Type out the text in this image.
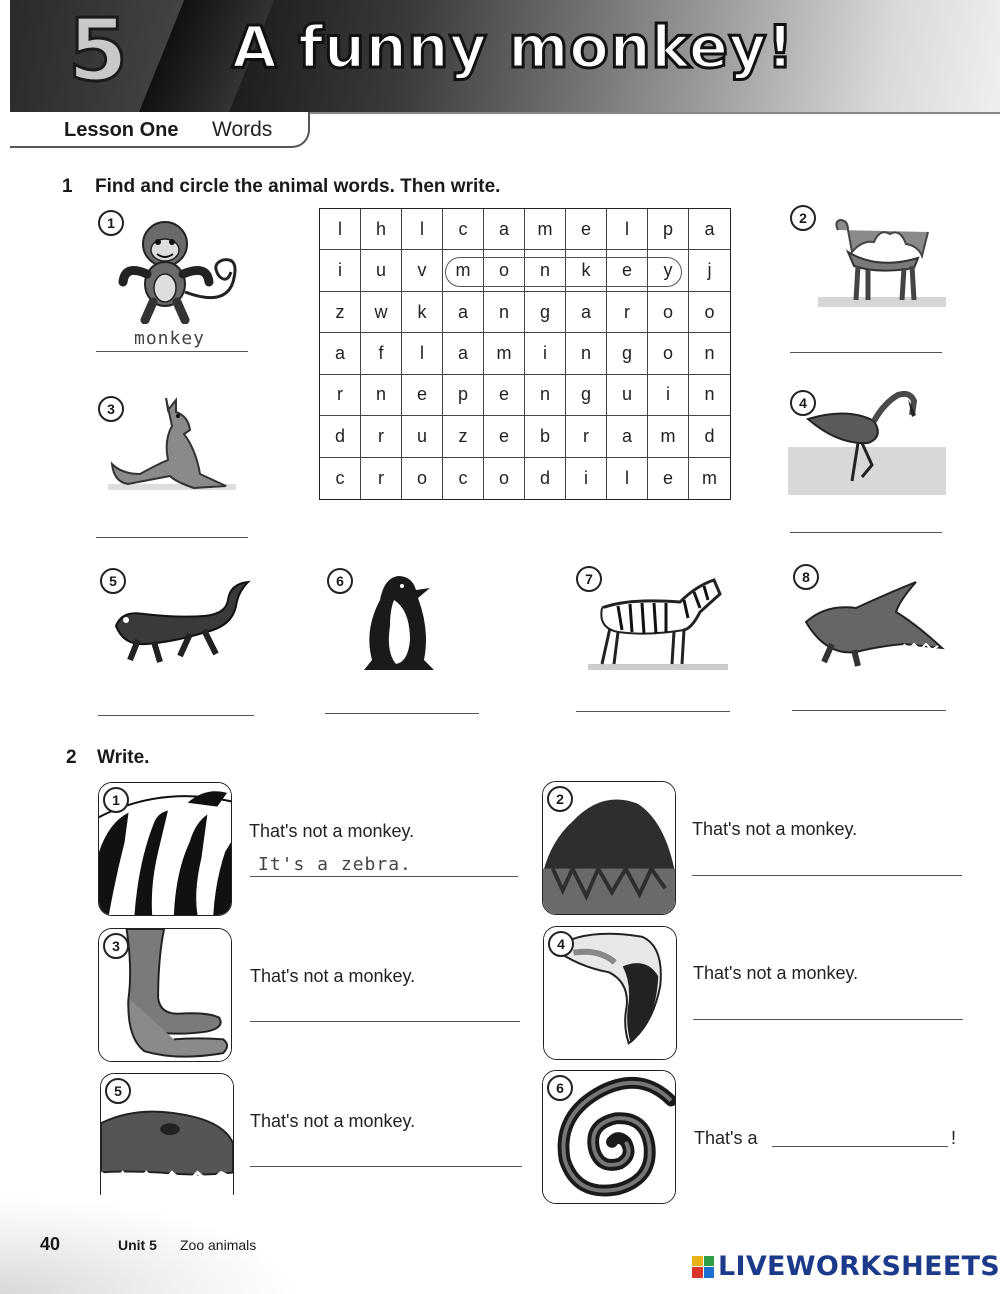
5 A funny monkey!
Lesson One Words
1 Find and circle the animal words. Then write.
1
monkey
2
3	4
l	h	l	c	a	m	e	l	p	a
i	u	v	m	o	n	k	e	y	j
z	w	k	a	n	g	a	r	o	o
a	f	l	a	m	i	n	g	o	n
r	n	e	p	e	n	g	u	i	n
d	r	u	z	e	b	r	a	m	d
c	r	o	c	o	d	i	l	e	m
5	6	7	8
2 Write.
1
That's not a monkey.
It's a zebra.
2
That's not a monkey.
3
That's not a monkey.
4
That's not a monkey.
5
That's not a monkey.
6
That's a	!
40	Unit 5 Zoo animals
LIVEWORKSHEETS
